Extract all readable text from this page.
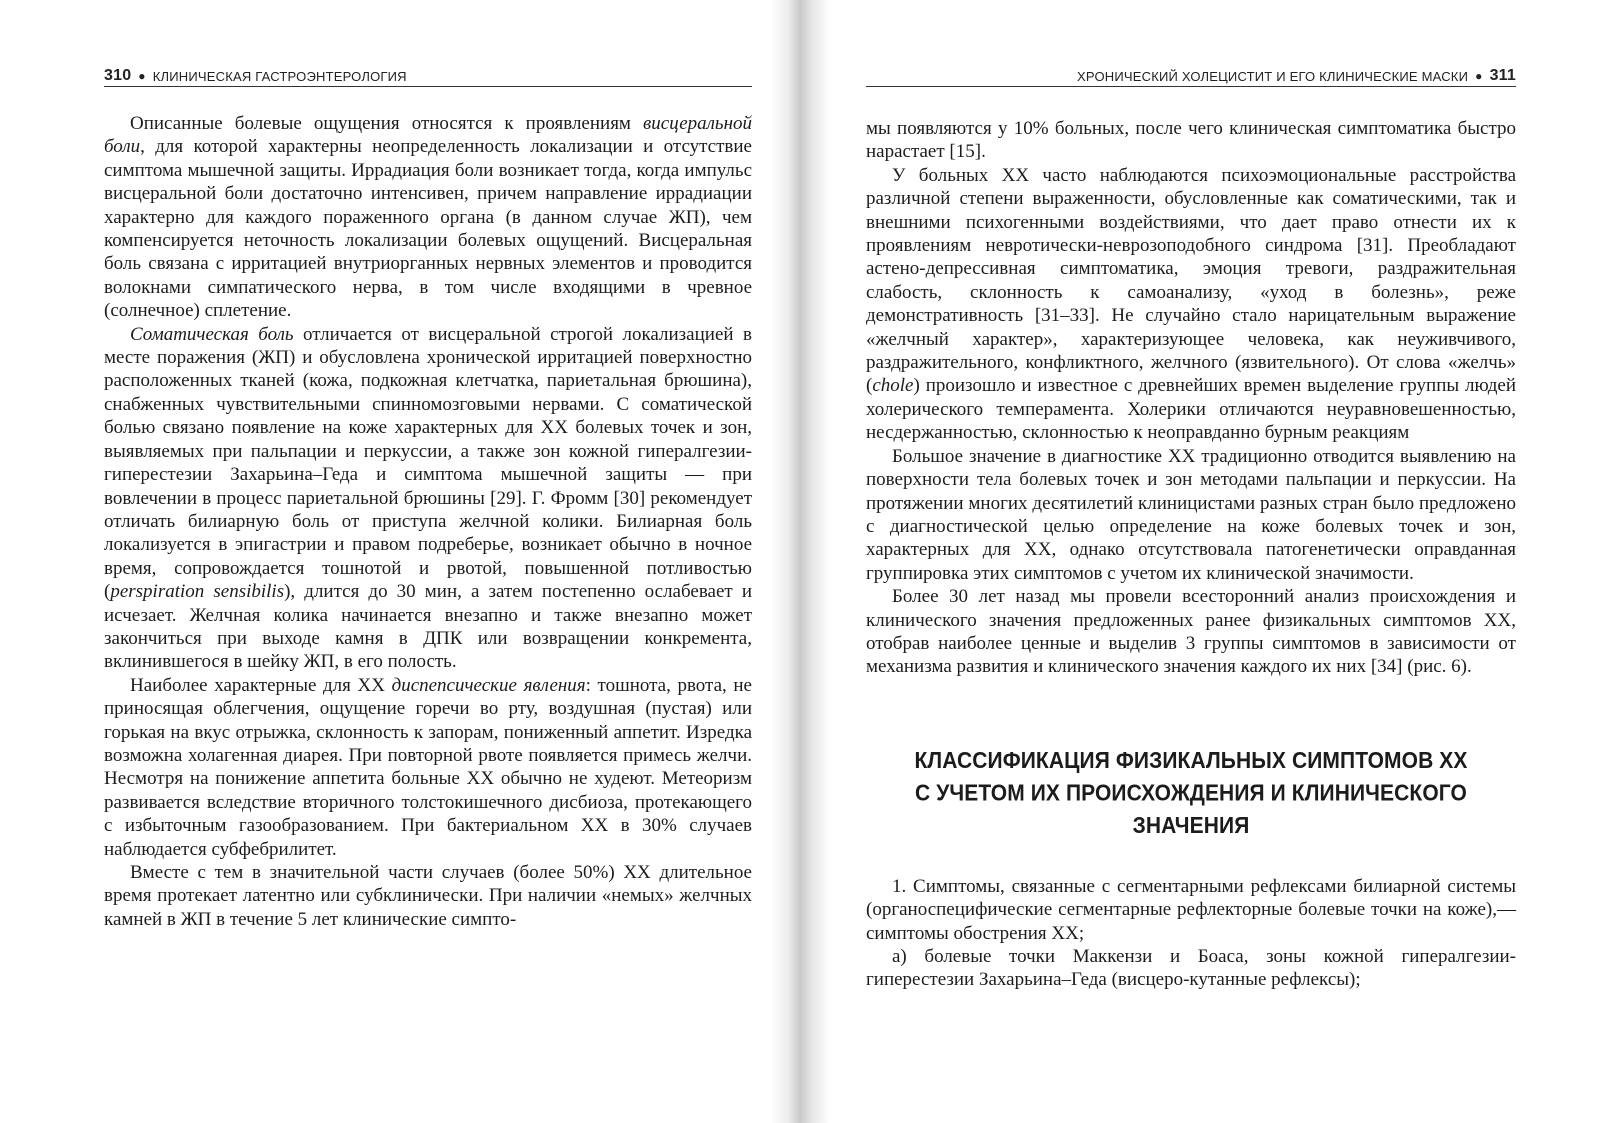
310 ● КЛИНИЧЕСКАЯ ГАСТРОЭНТЕРОЛОГИЯ

Описанные болевые ощущения относятся к проявлениям висцеральной боли, для которой характерны неопределенность локализации и отсутствие симптома мышечной защиты. Иррадиация боли возникает тогда, когда импульс висцеральной боли достаточно интенсивен, причем направление иррадиации характерно для каждого пораженного органа (в данном случае ЖП), чем компенсируется неточность локализации болевых ощущений. Висцеральная боль связана с ирритацией внутриорганных нервных элементов и проводится волокнами симпатического нерва, в том числе входящими в чревное (солнечное) сплетение.

Соматическая боль отличается от висцеральной строгой локализацией в месте поражения (ЖП) и обусловлена хронической ирритацией поверхностно расположенных тканей (кожа, подкожная клетчатка, париетальная брюшина), снабженных чувствительными спинномозговыми нервами. С соматической болью связано появление на коже характерных для ХХ болевых точек и зон, выявляемых при пальпации и перкуссии, а также зон кожной гипералгезии-гиперестезии Захарьина–Геда и симптома мышечной защиты — при вовлечении в процесс париетальной брюшины [29]. Г. Фромм [30] рекомендует отличать билиарную боль от приступа желчной колики. Билиарная боль локализуется в эпигастрии и правом подреберье, возникает обычно в ночное время, сопровождается тошнотой и рвотой, повышенной потливостью (perspiration sensibilis), длится до 30 мин, а затем постепенно ослабевает и исчезает. Желчная колика начинается внезапно и также внезапно может закончиться при выходе камня в ДПК или возвращении конкремента, вклинившегося в шейку ЖП, в его полость.

Наиболее характерные для ХХ диспепсические явления: тошнота, рвота, не приносящая облегчения, ощущение горечи во рту, воздушная (пустая) или горькая на вкус отрыжка, склонность к запорам, пониженный аппетит. Изредка возможна холагенная диарея. При повторной рвоте появляется примесь желчи. Несмотря на понижение аппетита больные ХХ обычно не худеют. Метеоризм развивается вследствие вторичного толстокишечного дисбиоза, протекающего с избыточным газообразованием. При бактериальном ХХ в 30% случаев наблюдается субфебрилитет.

Вместе с тем в значительной части случаев (более 50%) ХХ длительное время протекает латентно или субклинически. При наличии «немых» желчных камней в ЖП в течение 5 лет клинические симпто-

ХРОНИЧЕСКИЙ ХОЛЕЦИСТИТ И ЕГО КЛИНИЧЕСКИЕ МАСКИ ● 311

мы появляются у 10% больных, после чего клиническая симптоматика быстро нарастает [15].

У больных ХХ часто наблюдаются психоэмоциональные расстройства различной степени выраженности, обусловленные как соматическими, так и внешними психогенными воздействиями, что дает право отнести их к проявлениям невротически-неврозоподобного синдрома [31]. Преобладают астено-депрессивная симптоматика, эмоция тревоги, раздражительная слабость, склонность к самоанализу, «уход в болезнь», реже демонстративность [31–33]. Не случайно стало нарицательным выражение «желчный характер», характеризующее человека, как неуживчивого, раздражительного, конфликтного, желчного (язвительного). От слова «желчь» (chole) произошло и известное с древнейших времен выделение группы людей холерического темперамента. Холерики отличаются неуравновешенностью, несдержанностью, склонностью к неоправданно бурным реакциям

Большое значение в диагностике ХХ традиционно отводится выявлению на поверхности тела болевых точек и зон методами пальпации и перкуссии. На протяжении многих десятилетий клиницистами разных стран было предложено с диагностической целью определение на коже болевых точек и зон, характерных для ХХ, однако отсутствовала патогенетически оправданная группировка этих симптомов с учетом их клинической значимости.

Более 30 лет назад мы провели всесторонний анализ происхождения и клинического значения предложенных ранее физикальных симптомов ХХ, отобрав наиболее ценные и выделив 3 группы симптомов в зависимости от механизма развития и клинического значения каждого их них [34] (рис. 6).

КЛАССИФИКАЦИЯ ФИЗИКАЛЬНЫХ СИМПТОМОВ ХХ
С УЧЕТОМ ИХ ПРОИСХОЖДЕНИЯ И КЛИНИЧЕСКОГО ЗНАЧЕНИЯ

1. Симптомы, связанные с сегментарными рефлексами билиарной системы (органоспецифические сегментарные рефлекторные болевые точки на коже),— симптомы обострения ХХ;

а) болевые точки Маккензи и Боаса, зоны кожной гипералгезии-гиперестезии Захарьина–Геда (висцеро-кутанные рефлексы);
